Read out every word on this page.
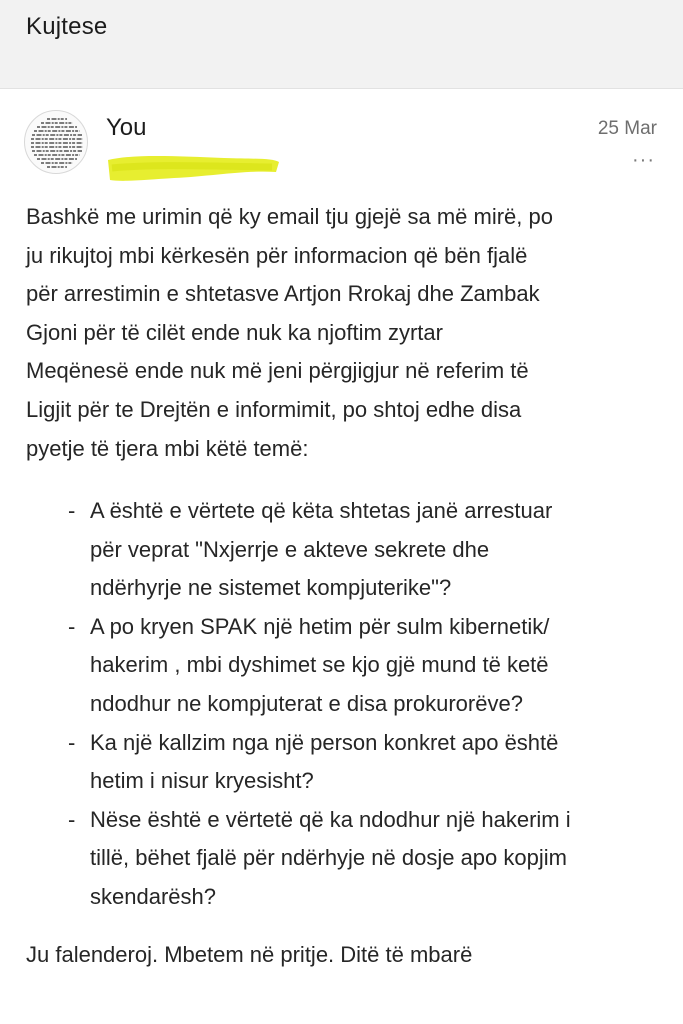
Kujtese
You	25 Mar
···
Bashkë me urimin që ky email tju gjejë sa më mirë, po
ju rikujtoj mbi kërkesën për informacion që bën fjalë
për arrestimin e shtetasve Artjon Rrokaj dhe Zambak
Gjoni për të cilët ende nuk ka njoftim zyrtar
Meqënesë ende nuk më jeni përgjigjur në referim të
Ligjit për te Drejtën e informimit, po shtoj edhe disa
pyetje të tjera mbi këtë temë:
- A është e vërtete që këta shtetas janë arrestuar
për veprat "Nxjerrje e akteve sekrete dhe
ndërhyrje ne sistemet kompjuterike"?
- A po kryen SPAK një hetim për sulm kibernetik/
hakerim , mbi dyshimet se kjo gjë mund të ketë
ndodhur ne kompjuterat e disa prokurorëve?
- Ka një kallzim nga një person konkret apo është
hetim i nisur kryesisht?
- Nëse është e vërtetë që ka ndodhur një hakerim i
tillë, bëhet fjalë për ndërhyje në dosje apo kopjim
skendarësh?
Ju falenderoj. Mbetem në pritje. Ditë të mbarë
